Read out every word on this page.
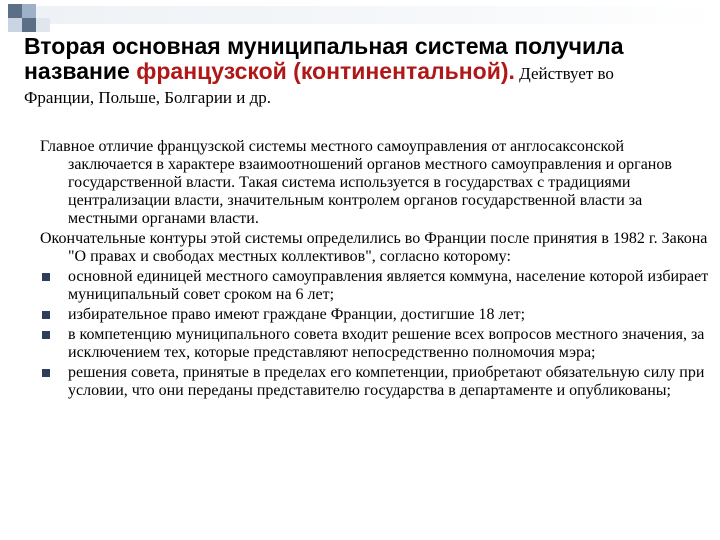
Вторая основная муниципальная система получила
название французской (континентальной). Действует во
Франции, Польше, Болгарии и др.

Главное отличие французской системы местного самоуправления от англосаксонской заключается в характере взаимоотношений органов местного самоуправления и органов государственной власти. Такая система используется в государствах с традициями централизации власти, значительным контролем органов государственной власти за местными органами власти.

Окончательные контуры этой системы определились во Франции после принятия в 1982 г. Закона "О правах и свободах местных коллективов", согласно которому:

основной единицей местного самоуправления является коммуна, население которой избирает муниципальный совет сроком на 6 лет;
избирательное право имеют граждане Франции, достигшие 18 лет;
в компетенцию муниципального совета входит решение всех вопросов местного значения, за исключением тех, которые представляют непосредственно полномочия мэра;
решения совета, принятые в пределах его компетенции, приобретают обязательную силу при условии, что они переданы представителю государства в департаменте и опубликованы;
